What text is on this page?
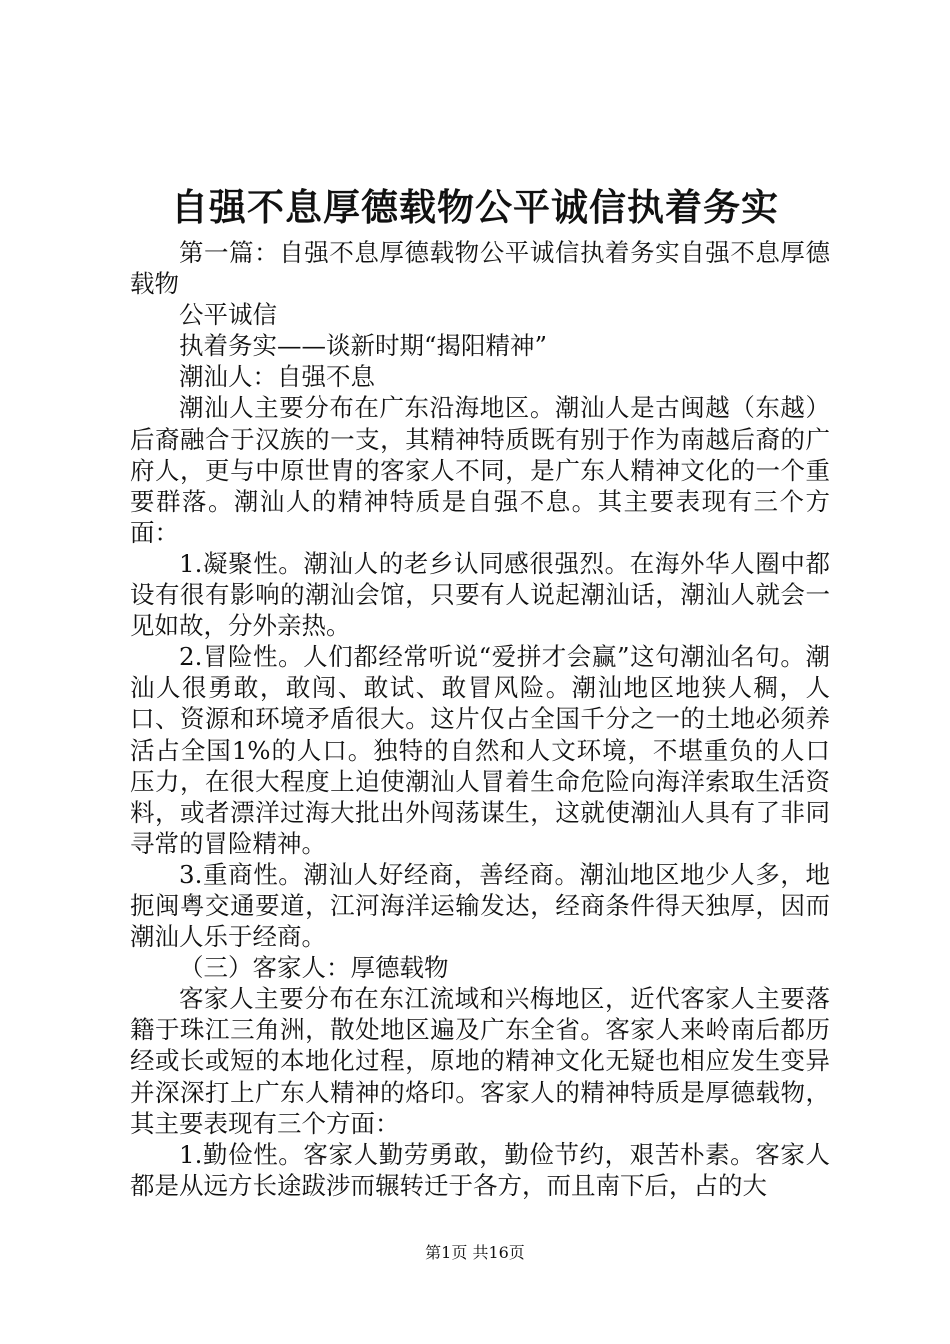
自强不息厚德载物公平诚信执着务实

第一篇：自强不息厚德载物公平诚信执着务实自强不息厚德载物

公平诚信

执着务实——谈新时期“揭阳精神”

潮汕人：自强不息

潮汕人主要分布在广东沿海地区。潮汕人是古闽越（东越）后裔融合于汉族的一支，其精神特质既有别于作为南越后裔的广府人，更与中原世胄的客家人不同，是广东人精神文化的一个重要群落。潮汕人的精神特质是自强不息。其主要表现有三个方面：

1.凝聚性。潮汕人的老乡认同感很强烈。在海外华人圈中都设有很有影响的潮汕会馆，只要有人说起潮汕话，潮汕人就会一见如故，分外亲热。

2.冒险性。人们都经常听说“爱拼才会赢”这句潮汕名句。潮汕人很勇敢，敢闯、敢试、敢冒风险。潮汕地区地狭人稠，人口、资源和环境矛盾很大。这片仅占全国千分之一的土地必须养活占全国1%的人口。独特的自然和人文环境，不堪重负的人口压力，在很大程度上迫使潮汕人冒着生命危险向海洋索取生活资料，或者漂洋过海大批出外闯荡谋生，这就使潮汕人具有了非同寻常的冒险精神。

3.重商性。潮汕人好经商，善经商。潮汕地区地少人多，地扼闽粤交通要道，江河海洋运输发达，经商条件得天独厚，因而潮汕人乐于经商。

（三）客家人：厚德载物

客家人主要分布在东江流域和兴梅地区，近代客家人主要落籍于珠江三角洲，散处地区遍及广东全省。客家人来岭南后都历经或长或短的本地化过程，原地的精神文化无疑也相应发生变异并深深打上广东人精神的烙印。客家人的精神特质是厚德载物，其主要表现有三个方面：

1.勤俭性。客家人勤劳勇敢，勤俭节约，艰苦朴素。客家人都是从远方长途跋涉而辗转迁于各方，而且南下后，占的大

第1页 共16页
